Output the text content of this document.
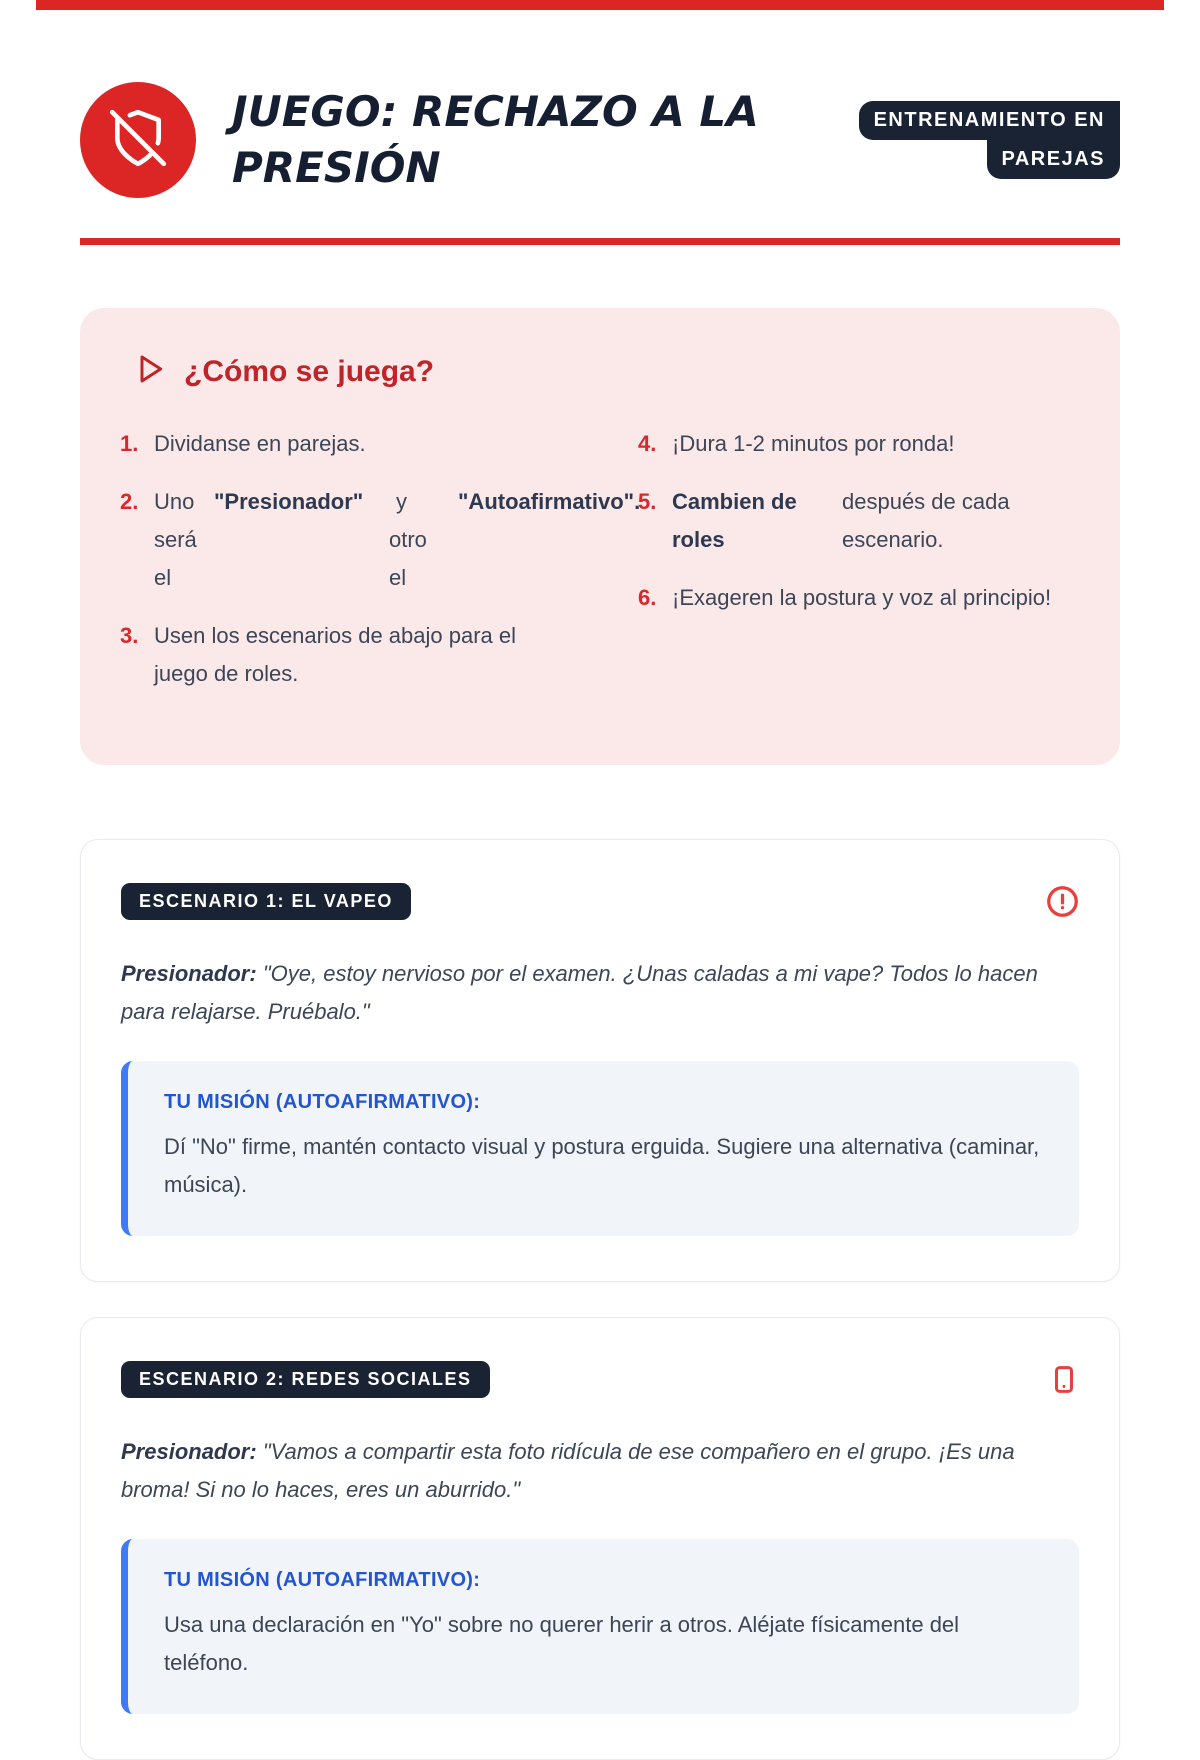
JUEGO: RECHAZO A LA
PRESIÓN
ENTRENAMIENTO EN
PAREJAS
¿Cómo se juega?
1. Dividanse en parejas.
2. Uno "Presionador" y "Autoafirmativo".
será	otro
el	el
3. Usen los escenarios de abajo para el juego de roles.
4. ¡Dura 1-2 minutos por ronda!
5. Cambien de después de cada
roles	escenario.
6. ¡Exageren la postura y voz al principio!
ESCENARIO 1: EL VAPEO

Presionador: "Oye, estoy nervioso por el examen. ¿Unas caladas a mi vape? Todos lo hacen para relajarse. Pruébalo."

TU MISIÓN (AUTOAFIRMATIVO):
Dí "No" firme, mantén contacto visual y postura erguida. Sugiere una alternativa (caminar, música).
ESCENARIO 2: REDES SOCIALES

Presionador: "Vamos a compartir esta foto ridícula de ese compañero en el grupo. ¡Es una broma! Si no lo haces, eres un aburrido."

TU MISIÓN (AUTOAFIRMATIVO):
Usa una declaración en "Yo" sobre no querer herir a otros. Aléjate físicamente del teléfono.
